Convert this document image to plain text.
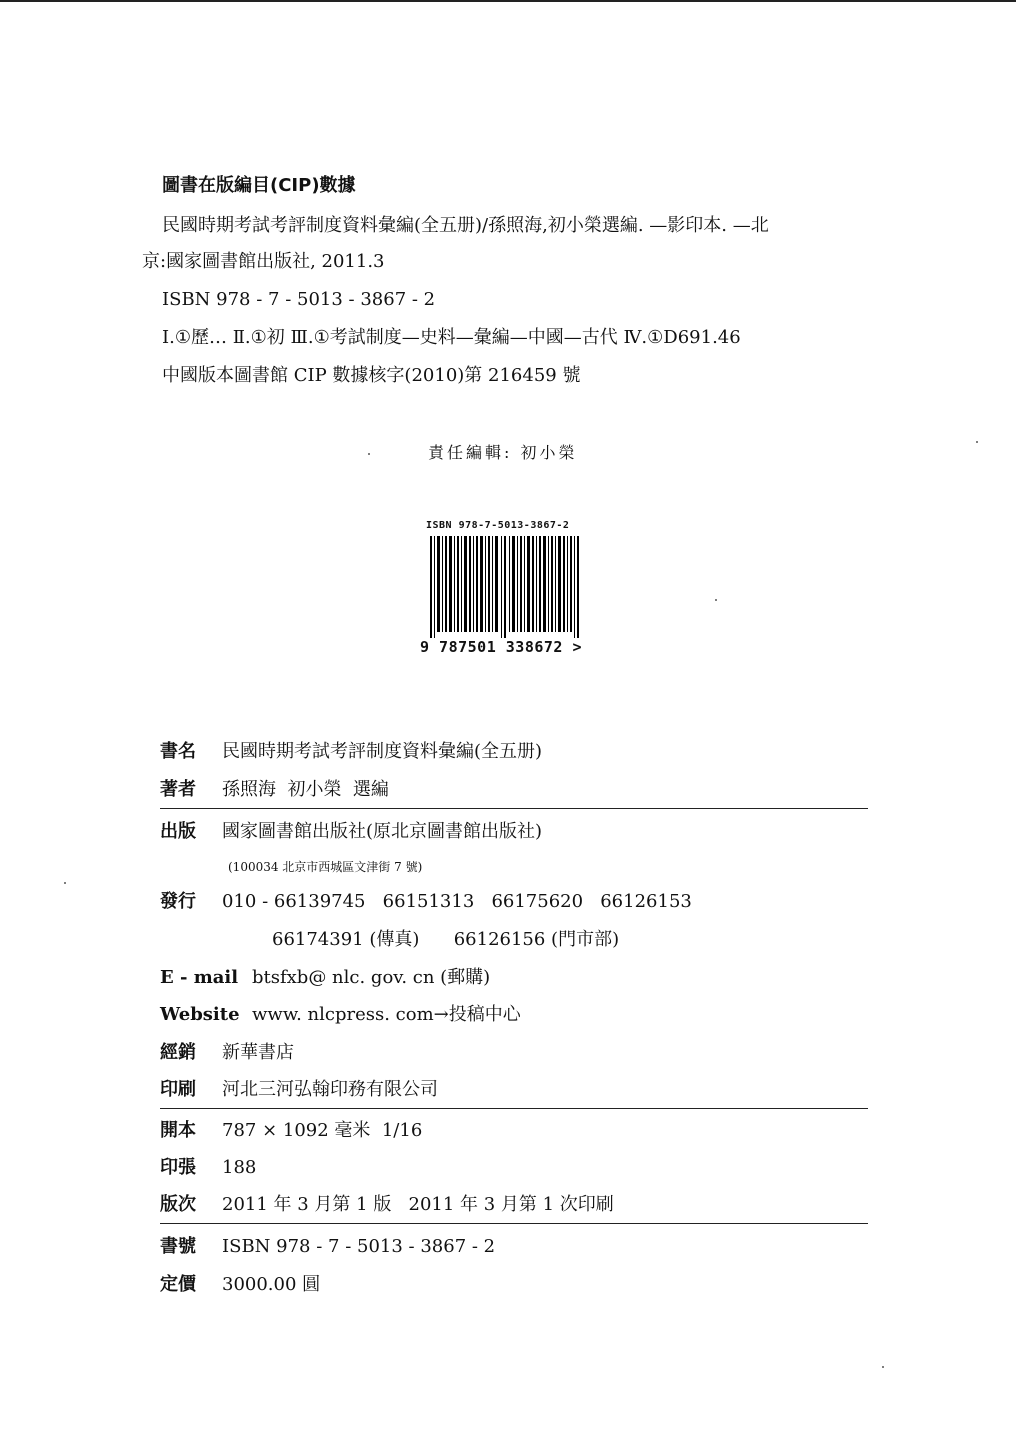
圖書在版編目(CIP)數據
民國時期考試考評制度資料彙編(全五册)/孫照海,初小榮選編. —影印本. —北
京:國家圖書館出版社, 2011.3
ISBN 978 - 7 - 5013 - 3867 - 2
Ⅰ.①歷… Ⅱ.①初 Ⅲ.①考試制度—史料—彙編—中國—古代 Ⅳ.①D691.46
中國版本圖書館 CIP 數據核字(2010)第 216459 號
責任編輯: 初小榮
ISBN 978-7-5013-3867-2
9 787501 338672 >
書名 民國時期考試考評制度資料彙編(全五册)
著者 孫照海  初小榮  選編
出版 國家圖書館出版社(原北京圖書館出版社)
(100034 北京市西城區文津街 7 號)
發行 010 - 66139745   66151313   66175620   66126153
66174391 (傳真)      66126156 (門市部)
E - mail btsfxb@ nlc. gov. cn (郵購)
Website www. nlcpress. com→投稿中心
經銷 新華書店
印刷 河北三河弘翰印務有限公司
開本 787 × 1092 毫米  1/16
印張 188
版次 2011 年 3 月第 1 版   2011 年 3 月第 1 次印刷
書號 ISBN 978 - 7 - 5013 - 3867 - 2
定價 3000.00 圓
